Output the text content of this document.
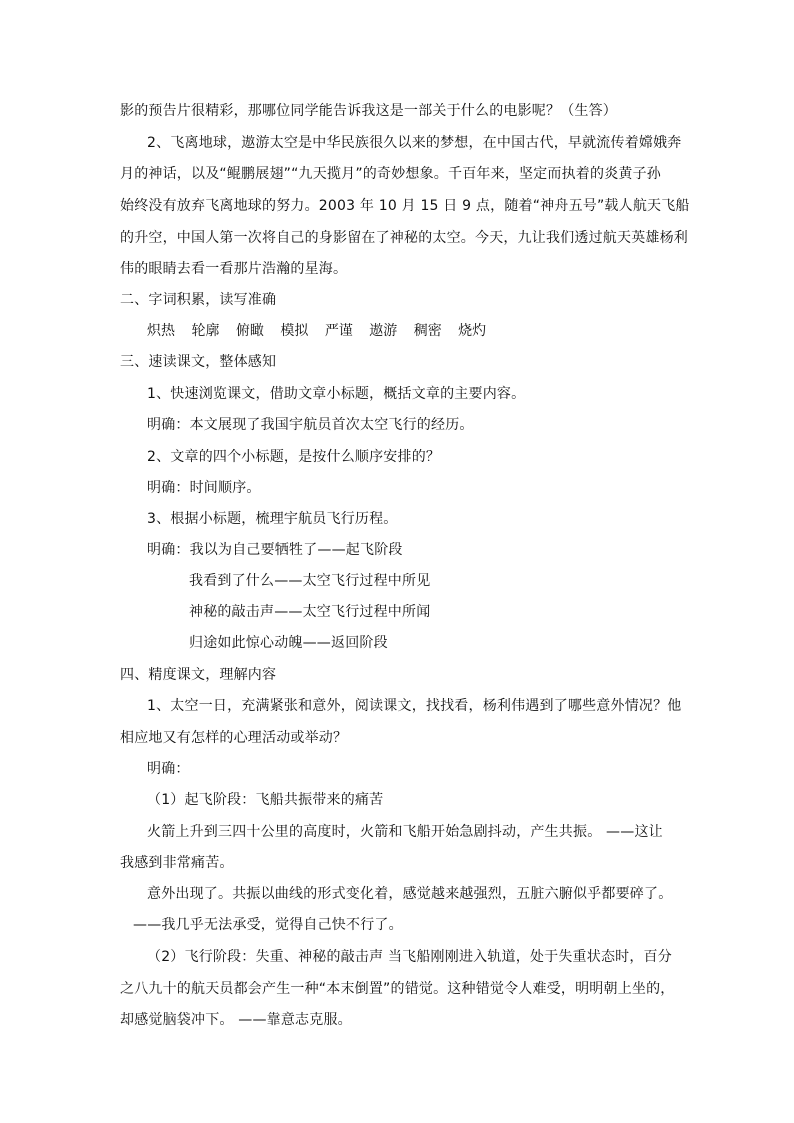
影的预告片很精彩，那哪位同学能告诉我这是一部关于什么的电影呢？（生答）
2、飞离地球，遨游太空是中华民族很久以来的梦想，在中国古代，早就流传着嫦娥奔
月的神话，以及“鲲鹏展翅”“九天揽月”的奇妙想象。千百年来，坚定而执着的炎黄子孙
始终没有放弃飞离地球的努力。2003 年 10 月 15 日 9 点，随着“神舟五号”载人航天飞船
的升空，中国人第一次将自己的身影留在了神秘的太空。今天，九让我们透过航天英雄杨利
伟的眼睛去看一看那片浩瀚的星海。
二、字词积累，读写准确
炽热 轮廓 俯瞰 模拟 严谨 遨游 稠密 烧灼
三、速读课文，整体感知
1、快速浏览课文，借助文章小标题，概括文章的主要内容。
明确：本文展现了我国宇航员首次太空飞行的经历。
2、文章的四个小标题，是按什么顺序安排的？
明确：时间顺序。
3、根据小标题，梳理宇航员飞行历程。
明确：我以为自己要牺牲了——起飞阶段
我看到了什么——太空飞行过程中所见
神秘的敲击声——太空飞行过程中所闻
归途如此惊心动魄——返回阶段
四、精度课文，理解内容
1、太空一日，充满紧张和意外，阅读课文，找找看，杨利伟遇到了哪些意外情况？他
相应地又有怎样的心理活动或举动？
明确：
（1）起飞阶段：飞船共振带来的痛苦
火箭上升到三四十公里的高度时，火箭和飞船开始急剧抖动，产生共振。 ——这让
我感到非常痛苦。
意外出现了。共振以曲线的形式变化着，感觉越来越强烈，五脏六腑似乎都要碎了。
——我几乎无法承受，觉得自己快不行了。
（2）飞行阶段：失重、神秘的敲击声 当飞船刚刚进入轨道，处于失重状态时，百分
之八九十的航天员都会产生一种“本末倒置”的错觉。这种错觉令人难受，明明朝上坐的，
却感觉脑袋冲下。 ——靠意志克服。
